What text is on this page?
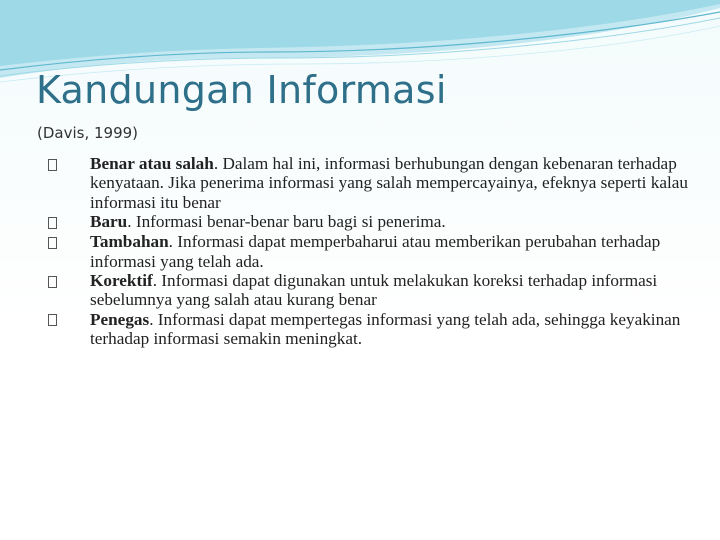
Kandungan Informasi
(Davis, 1999)
Benar atau salah. Dalam hal ini, informasi berhubungan dengan kebenaran terhadap kenyataan. Jika penerima informasi yang salah mempercayainya, efeknya seperti kalau informasi itu benar
Baru. Informasi benar-benar baru bagi si penerima.
Tambahan. Informasi dapat memperbaharui atau memberikan perubahan terhadap informasi yang telah ada.
Korektif. Informasi dapat digunakan untuk melakukan koreksi terhadap informasi sebelumnya yang salah atau kurang benar
Penegas. Informasi dapat mempertegas informasi yang telah ada, sehingga keyakinan terhadap informasi semakin meningkat.
